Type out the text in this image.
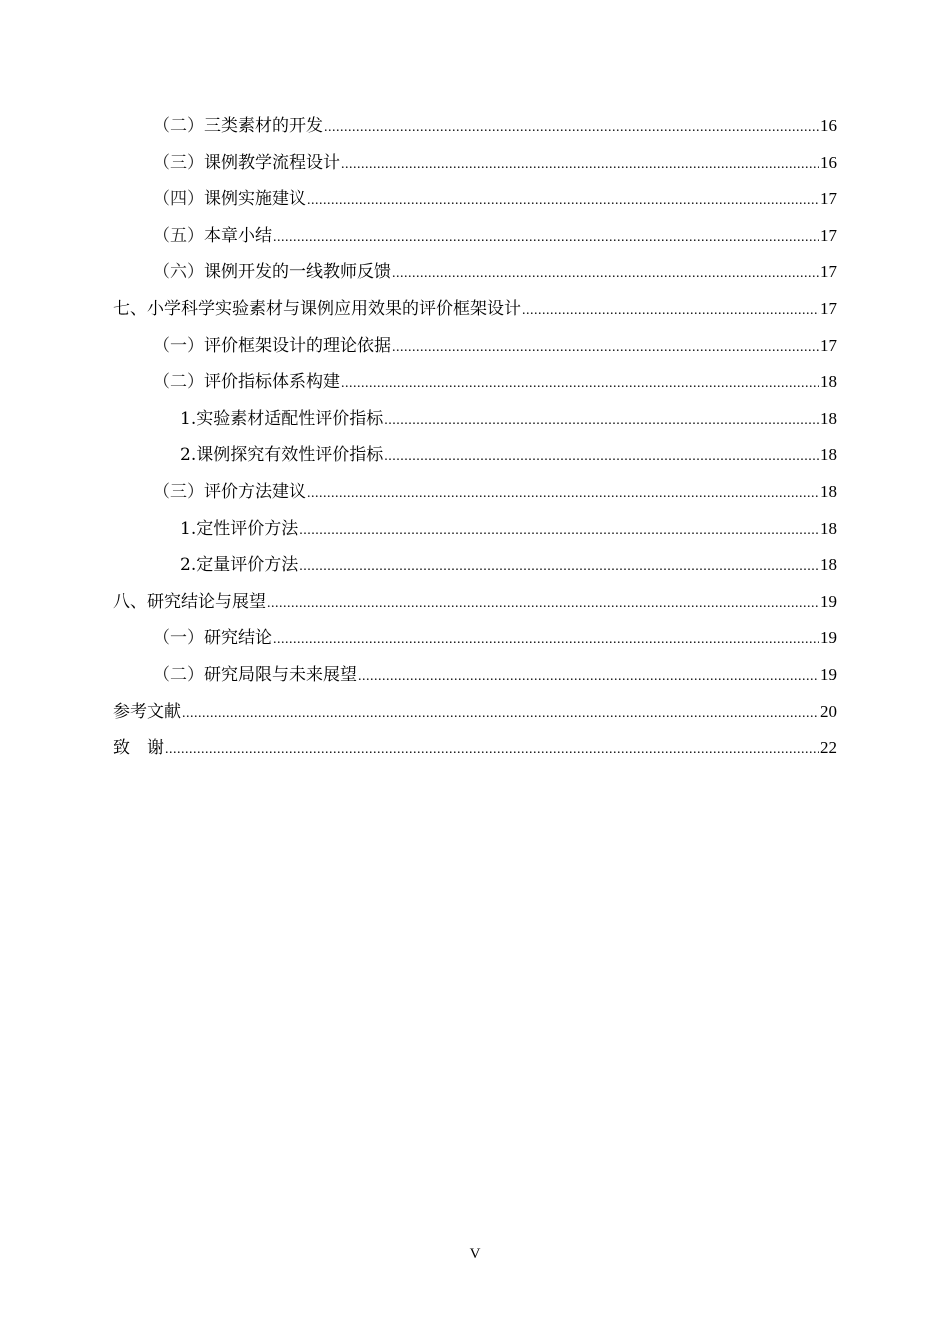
（二） 三类素材的开发 .....	16
（三） 课例教学流程设计 .....	16
（四） 课例实施建议 .....	17
（五） 本章小结 .....	17
（六） 课例开发的一线教师反馈 .....	17
七、 小学科学实验素材与课例应用效果的评价框架设计 .....	17
（一） 评价框架设计的理论依据 .....	17
（二） 评价指标体系构建 .....	18
1. 实验素材适配性评价指标 .....	18
2. 课例探究有效性评价指标 .....	18
（三） 评价方法建议 .....	18
1. 定性评价方法 .....	18
2. 定量评价方法 .....	18
八、 研究结论与展望 .....	19
（一） 研究结论 .....	19
（二） 研究局限与未来展望 .....	19
参考文献 .....	20
致　谢 .....	22
V
